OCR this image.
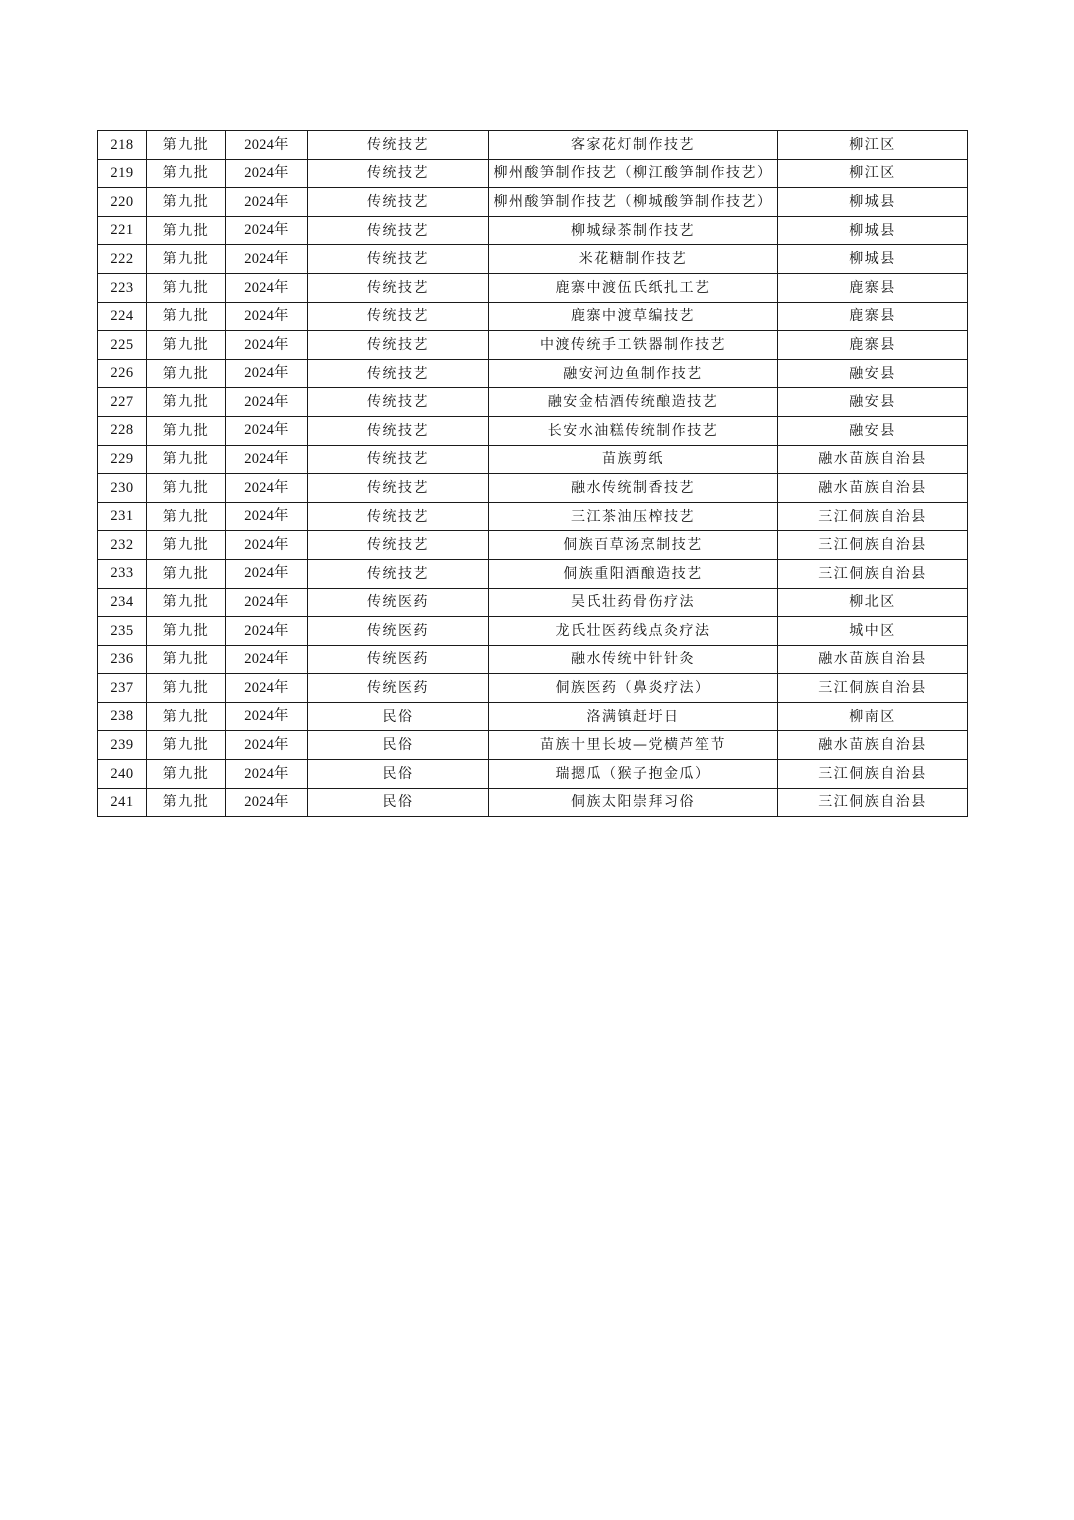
218	第九批	2024年	传统技艺	客家花灯制作技艺	柳江区
219	第九批	2024年	传统技艺	柳州酸笋制作技艺（柳江酸笋制作技艺）	柳江区
220	第九批	2024年	传统技艺	柳州酸笋制作技艺（柳城酸笋制作技艺）	柳城县
221	第九批	2024年	传统技艺	柳城绿茶制作技艺	柳城县
222	第九批	2024年	传统技艺	米花糖制作技艺	柳城县
223	第九批	2024年	传统技艺	鹿寨中渡伍氏纸扎工艺	鹿寨县
224	第九批	2024年	传统技艺	鹿寨中渡草编技艺	鹿寨县
225	第九批	2024年	传统技艺	中渡传统手工铁器制作技艺	鹿寨县
226	第九批	2024年	传统技艺	融安河边鱼制作技艺	融安县
227	第九批	2024年	传统技艺	融安金桔酒传统酿造技艺	融安县
228	第九批	2024年	传统技艺	长安水油糕传统制作技艺	融安县
229	第九批	2024年	传统技艺	苗族剪纸	融水苗族自治县
230	第九批	2024年	传统技艺	融水传统制香技艺	融水苗族自治县
231	第九批	2024年	传统技艺	三江茶油压榨技艺	三江侗族自治县
232	第九批	2024年	传统技艺	侗族百草汤烹制技艺	三江侗族自治县
233	第九批	2024年	传统技艺	侗族重阳酒酿造技艺	三江侗族自治县
234	第九批	2024年	传统医药	吴氏壮药骨伤疗法	柳北区
235	第九批	2024年	传统医药	龙氏壮医药线点灸疗法	城中区
236	第九批	2024年	传统医药	融水传统中针针灸	融水苗族自治县
237	第九批	2024年	传统医药	侗族医药（鼻炎疗法）	三江侗族自治县
238	第九批	2024年	民俗	洛满镇赶圩日	柳南区
239	第九批	2024年	民俗	苗族十里长坡—党横芦笙节	融水苗族自治县
240	第九批	2024年	民俗	瑞摁瓜（猴子抱金瓜）	三江侗族自治县
241	第九批	2024年	民俗	侗族太阳崇拜习俗	三江侗族自治县
